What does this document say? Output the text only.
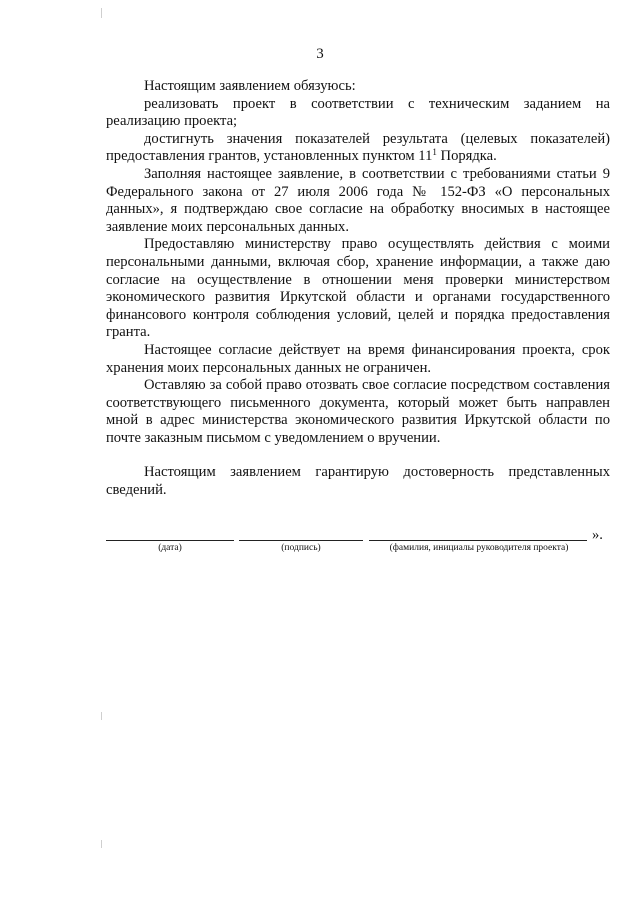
3

Настоящим заявлением обязуюсь:

реализовать проект в соответствии с техническим заданием на реализацию проекта;

достигнуть значения показателей результата (целевых показателей) предоставления грантов, установленных пунктом $11^1$ Порядка.

Заполняя настоящее заявление, в соответствии с требованиями статьи 9 Федерального закона от 27 июля 2006 года № 152-ФЗ «О персональных данных», я подтверждаю свое согласие на обработку вносимых в настоящее заявление моих персональных данных.

Предоставляю министерству право осуществлять действия с моими персональными данными, включая сбор, хранение информации, а также даю согласие на осуществление в отношении меня проверки министерством экономического развития Иркутской области и органами государственного финансового контроля соблюдения условий, целей и порядка предоставления гранта.

Настоящее согласие действует на время финансирования проекта, срок хранения моих персональных данных не ограничен.

Оставляю за собой право отозвать свое согласие посредством составления соответствующего письменного документа, который может быть направлен мной в адрес министерства экономического развития Иркутской области по почте заказным письмом с уведомлением о вручении.

Настоящим заявлением гарантирую достоверность представленных сведений.

».
(дата)	(подпись)	(фамилия, инициалы руководителя проекта)
